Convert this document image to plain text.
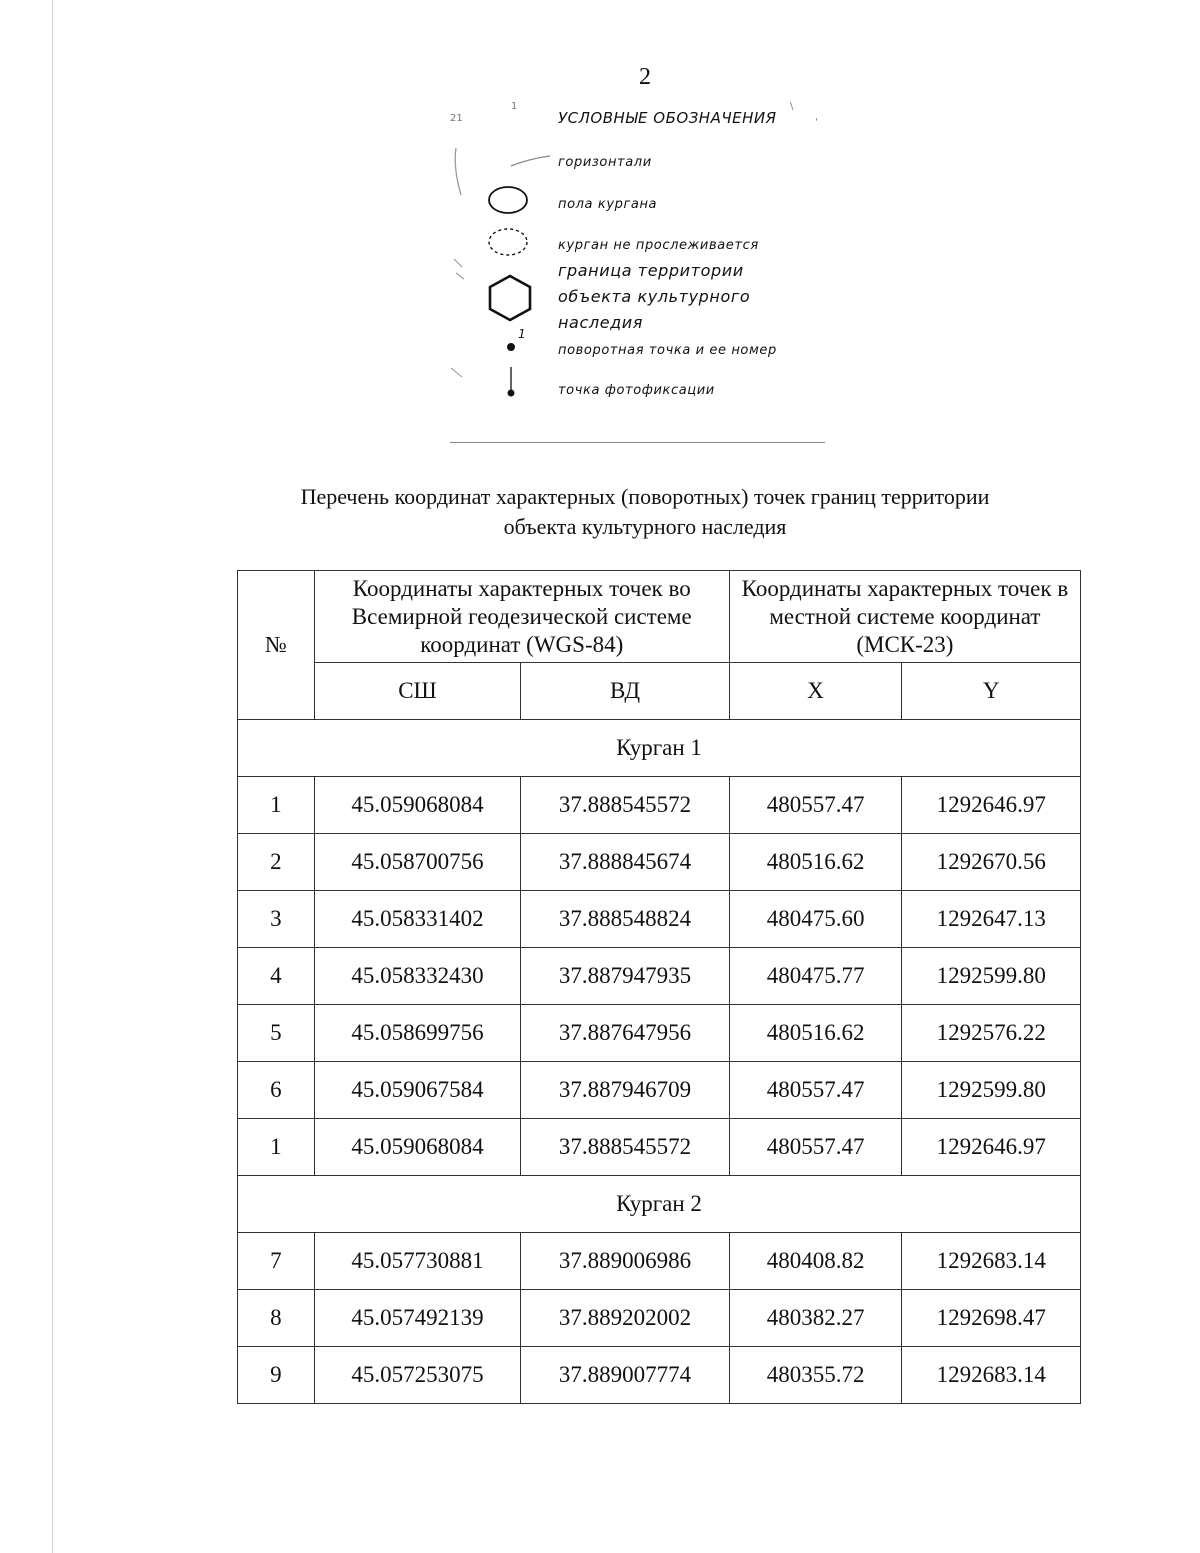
2
21
1	\
'
УСЛОВНЫЕ ОБОЗНАЧЕНИЯ
горизонтали
пола кургана
курган не прослеживается
граница территории объекта культурного наследия
1
поворотная точка и ее номер
точка фотофиксации
Перечень координат характерных (поворотных) точек границ территории
объекта культурного наследия
№	Координаты характерных точек во Всемирной геодезической системе координат (WGS-84)		Координаты характерных точек в местной системе координат (МСК-23)	
	СШ	ВД	X	Y
Курган 1				
1	45.059068084	37.888545572	480557.47	1292646.97
2	45.058700756	37.888845674	480516.62	1292670.56
3	45.058331402	37.888548824	480475.60	1292647.13
4	45.058332430	37.887947935	480475.77	1292599.80
5	45.058699756	37.887647956	480516.62	1292576.22
6	45.059067584	37.887946709	480557.47	1292599.80
1	45.059068084	37.888545572	480557.47	1292646.97
Курган 2				
7	45.057730881	37.889006986	480408.82	1292683.14
8	45.057492139	37.889202002	480382.27	1292698.47
9	45.057253075	37.889007774	480355.72	1292683.14
